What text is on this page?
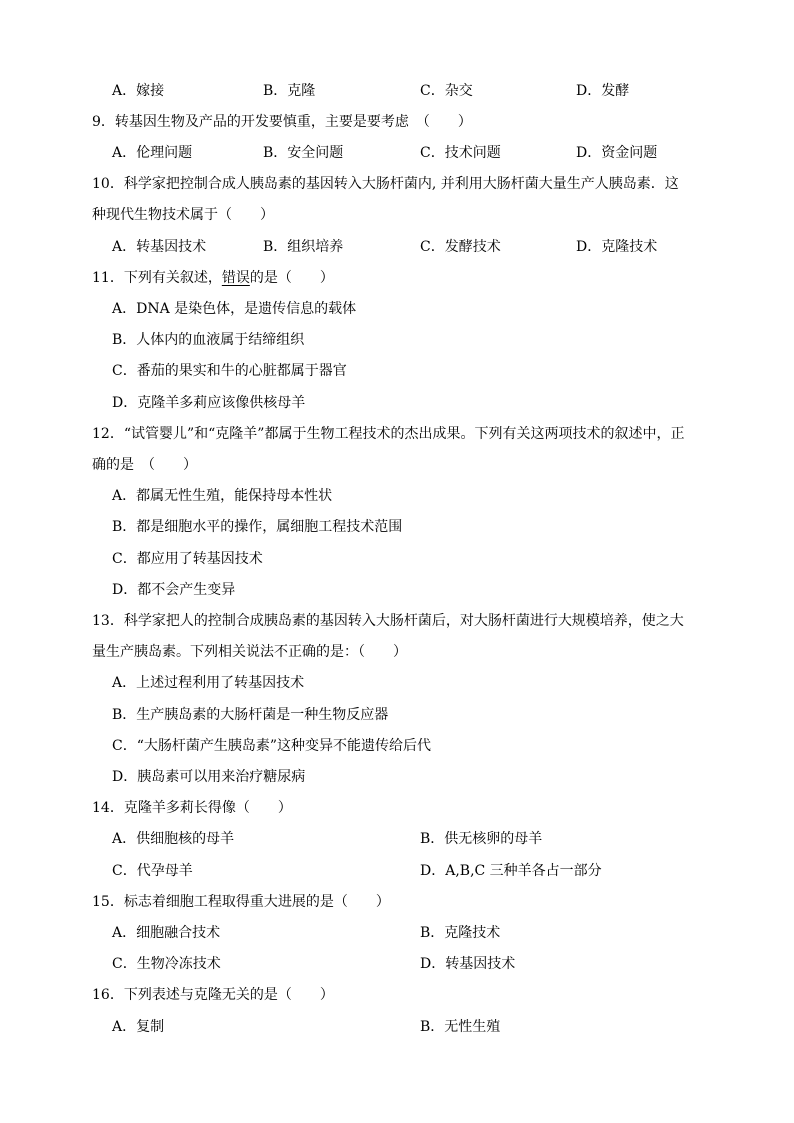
A．嫁接	B．克隆	C．杂交	D．发酵
9．转基因生物及产品的开发要慎重，主要是要考虑　（　　）
A．伦理问题	B．安全问题	C．技术问题	D．资金问题
10．科学家把控制合成人胰岛素的基因转入大肠杆菌内, 并利用大肠杆菌大量生产人胰岛素．这
种现代生物技术属于（　　）
A．转基因技术	B．组织培养	C．发酵技术	D．克隆技术
11．下列有关叙述，错误的是（　　）
A．DNA 是染色体，是遗传信息的载体
B．人体内的血液属于结缔组织
C．番茄的果实和牛的心脏都属于器官
D．克隆羊多莉应该像供核母羊
12．“试管婴儿”和“克隆羊”都属于生物工程技术的杰出成果。下列有关这两项技术的叙述中，正
确的是　（　　）
A．都属无性生殖，能保持母本性状
B．都是细胞水平的操作，属细胞工程技术范围
C．都应用了转基因技术
D．都不会产生变异
13．科学家把人的控制合成胰岛素的基因转入大肠杆菌后，对大肠杆菌进行大规模培养，使之大
量生产胰岛素。下列相关说法不正确的是：（　　）
A．上述过程利用了转基因技术
B．生产胰岛素的大肠杆菌是一种生物反应器
C．“大肠杆菌产生胰岛素”这种变异不能遗传给后代
D．胰岛素可以用来治疗糖尿病
14．克隆羊多莉长得像（　　）
A．供细胞核的母羊	B．供无核卵的母羊
C．代孕母羊	D．A,B,C 三种羊各占一部分
15．标志着细胞工程取得重大进展的是（　　）
A．细胞融合技术	B．克隆技术
C．生物冷冻技术	D．转基因技术
16．下列表述与克隆无关的是（　　）
A．复制	B．无性生殖
